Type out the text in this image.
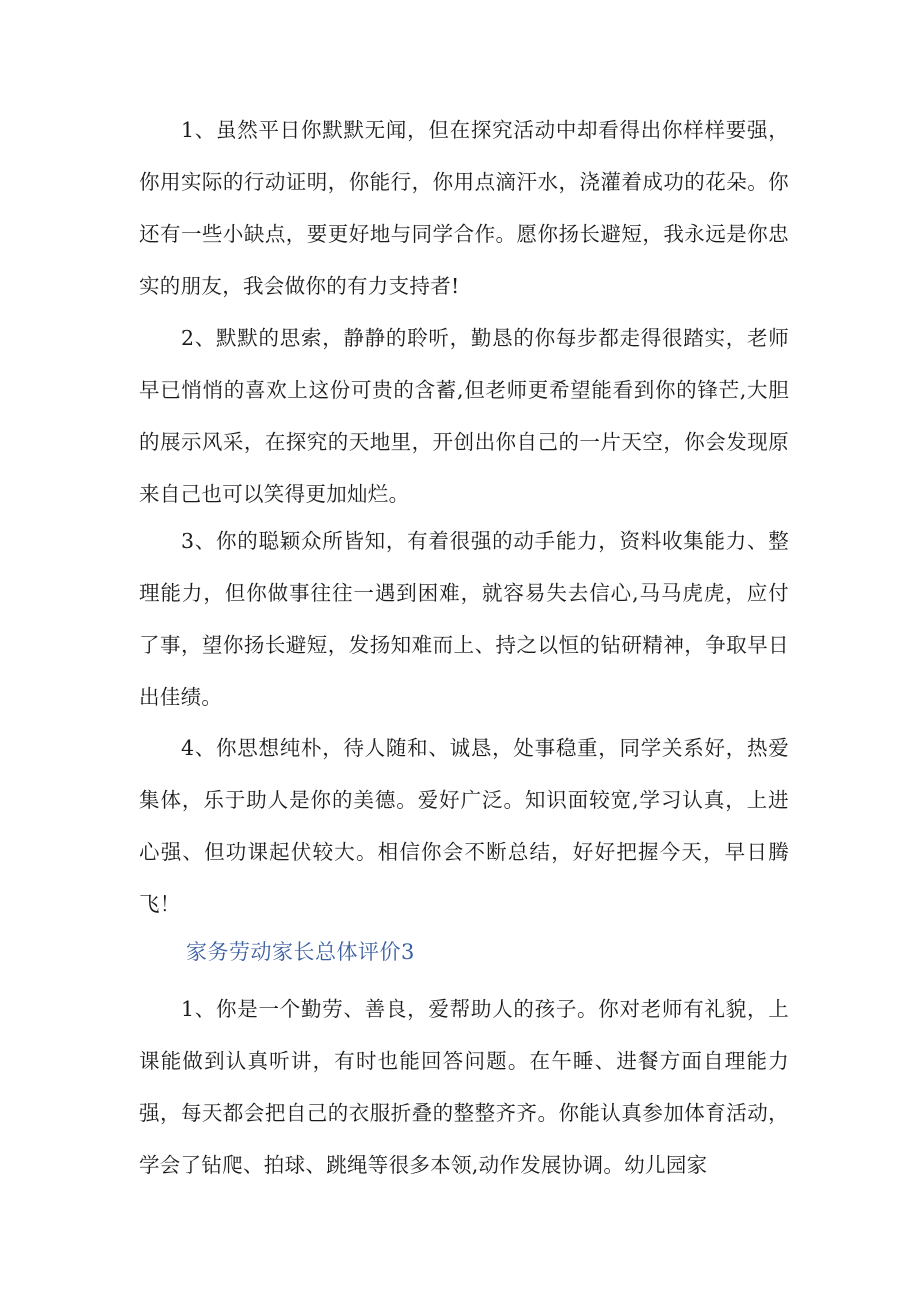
1、虽然平日你默默无闻，但在探究活动中却看得出你样样要强，你用实际的行动证明，你能行，你用点滴汗水，浇灌着成功的花朵。你还有一些小缺点，要更好地与同学合作。愿你扬长避短，我永远是你忠实的朋友，我会做你的有力支持者!

2、默默的思索，静静的聆听，勤恳的你每步都走得很踏实，老师早已悄悄的喜欢上这份可贵的含蓄,但老师更希望能看到你的锋芒,大胆的展示风采，在探究的天地里，开创出你自己的一片天空，你会发现原来自己也可以笑得更加灿烂。

3、你的聪颖众所皆知，有着很强的动手能力，资料收集能力、整理能力，但你做事往往一遇到困难，就容易失去信心,马马虎虎，应付了事，望你扬长避短，发扬知难而上、持之以恒的钻研精神，争取早日出佳绩。

4、你思想纯朴，待人随和、诚恳，处事稳重，同学关系好，热爱集体，乐于助人是你的美德。爱好广泛。知识面较宽,学习认真，上进心强、但功课起伏较大。相信你会不断总结，好好把握今天，早日腾飞！

家务劳动家长总体评价3

1、你是一个勤劳、善良，爱帮助人的孩子。你对老师有礼貌，上课能做到认真听讲，有时也能回答问题。在午睡、进餐方面自理能力强，每天都会把自己的衣服折叠的整整齐齐。你能认真参加体育活动，学会了钻爬、拍球、跳绳等很多本领,动作发展协调。幼儿园家
